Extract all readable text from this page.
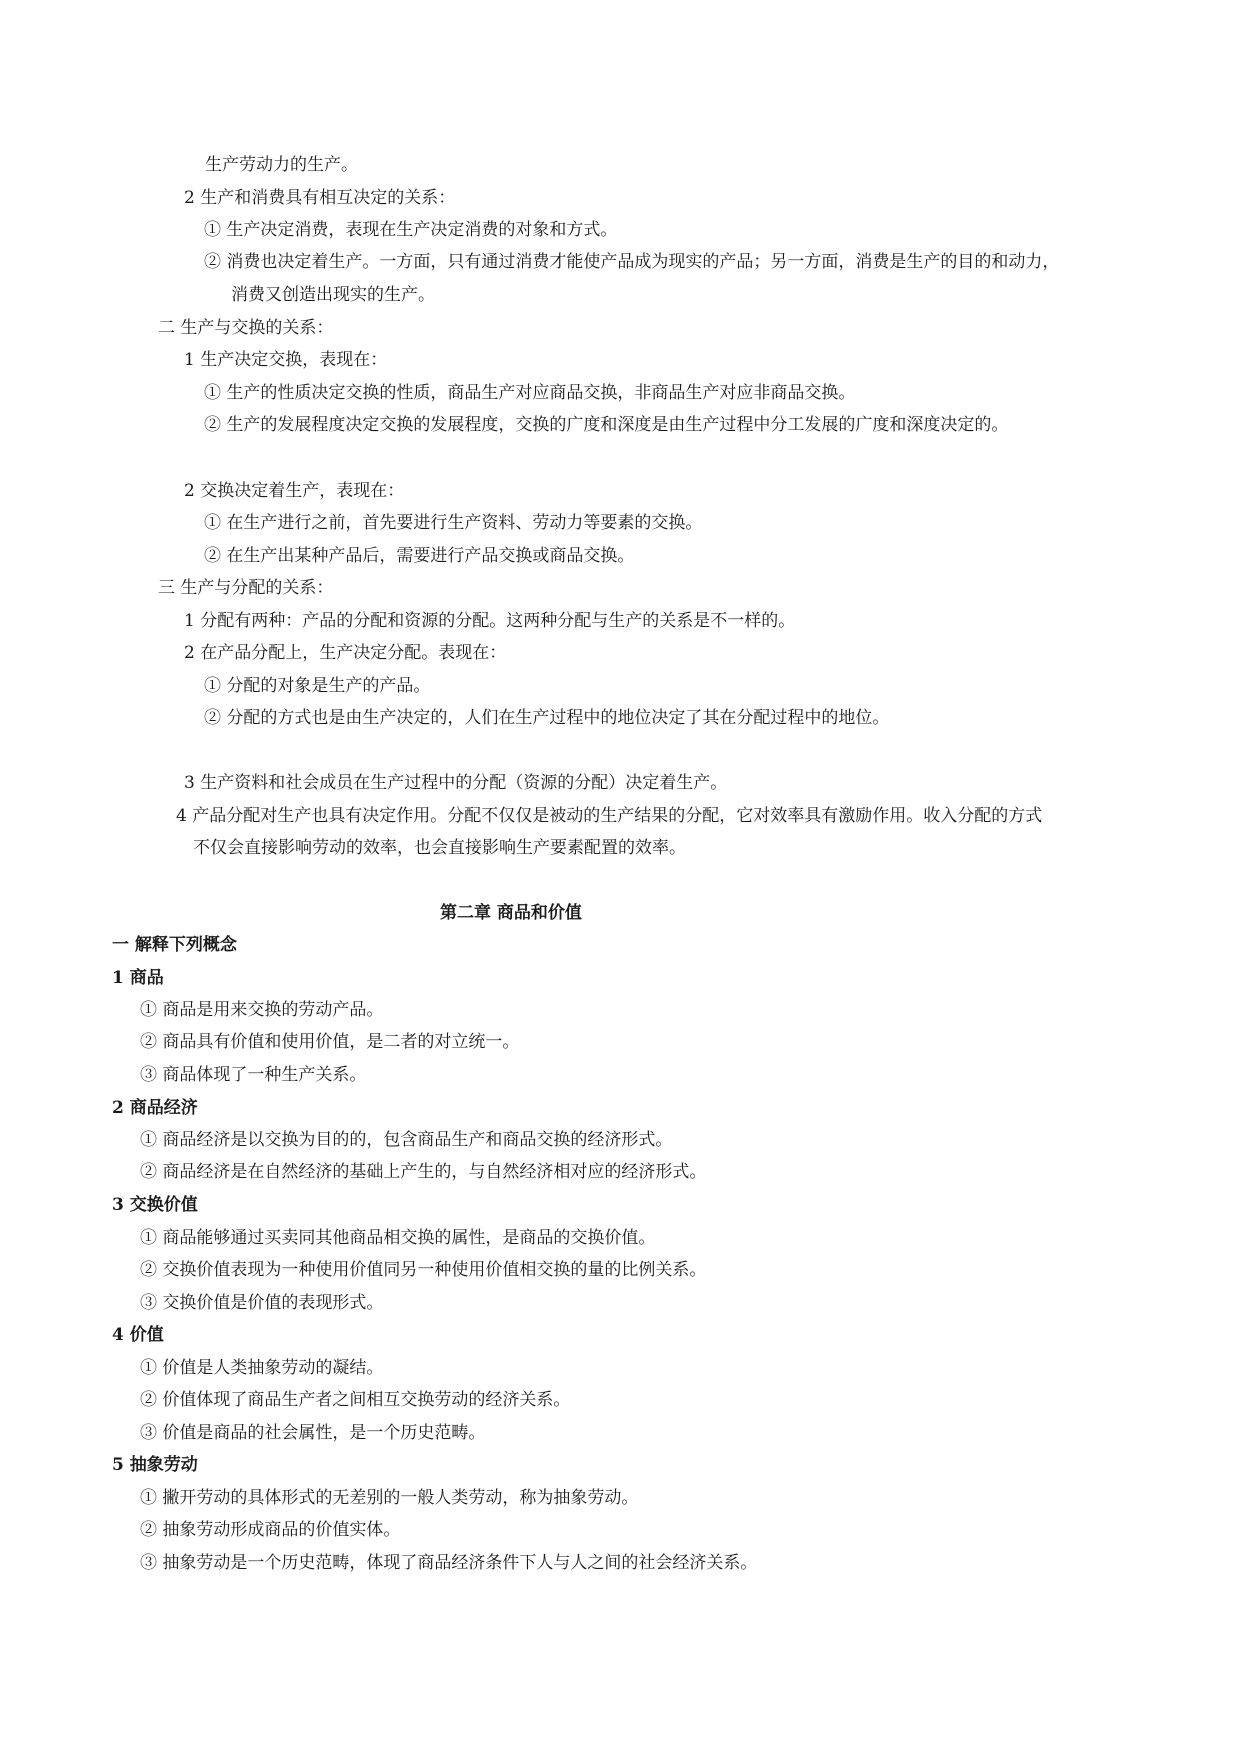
生产劳动力的生产。
2 生产和消费具有相互决定的关系：
① 生产决定消费，表现在生产决定消费的对象和方式。
② 消费也决定着生产。一方面，只有通过消费才能使产品成为现实的产品；另一方面，消费是生产的目的和动力，
消费又创造出现实的生产。
二 生产与交换的关系：
1 生产决定交换，表现在：
① 生产的性质决定交换的性质，商品生产对应商品交换，非商品生产对应非商品交换。
② 生产的发展程度决定交换的发展程度，交换的广度和深度是由生产过程中分工发展的广度和深度决定的。
2 交换决定着生产，表现在：
① 在生产进行之前，首先要进行生产资料、劳动力等要素的交换。
② 在生产出某种产品后，需要进行产品交换或商品交换。
三 生产与分配的关系：
1 分配有两种：产品的分配和资源的分配。这两种分配与生产的关系是不一样的。
2 在产品分配上，生产决定分配。表现在：
① 分配的对象是生产的产品。
② 分配的方式也是由生产决定的，人们在生产过程中的地位决定了其在分配过程中的地位。
3 生产资料和社会成员在生产过程中的分配（资源的分配）决定着生产。
4 产品分配对生产也具有决定作用。分配不仅仅是被动的生产结果的分配，它对效率具有激励作用。收入分配的方式
不仅会直接影响劳动的效率，也会直接影响生产要素配置的效率。
第二章 商品和价值
一 解释下列概念
1 商品
① 商品是用来交换的劳动产品。
② 商品具有价值和使用价值，是二者的对立统一。
③ 商品体现了一种生产关系。
2 商品经济
① 商品经济是以交换为目的的，包含商品生产和商品交换的经济形式。
② 商品经济是在自然经济的基础上产生的，与自然经济相对应的经济形式。
3 交换价值
① 商品能够通过买卖同其他商品相交换的属性，是商品的交换价值。
② 交换价值表现为一种使用价值同另一种使用价值相交换的量的比例关系。
③ 交换价值是价值的表现形式。
4 价值
① 价值是人类抽象劳动的凝结。
② 价值体现了商品生产者之间相互交换劳动的经济关系。
③ 价值是商品的社会属性，是一个历史范畴。
5 抽象劳动
① 撇开劳动的具体形式的无差别的一般人类劳动，称为抽象劳动。
② 抽象劳动形成商品的价值实体。
③ 抽象劳动是一个历史范畴，体现了商品经济条件下人与人之间的社会经济关系。
